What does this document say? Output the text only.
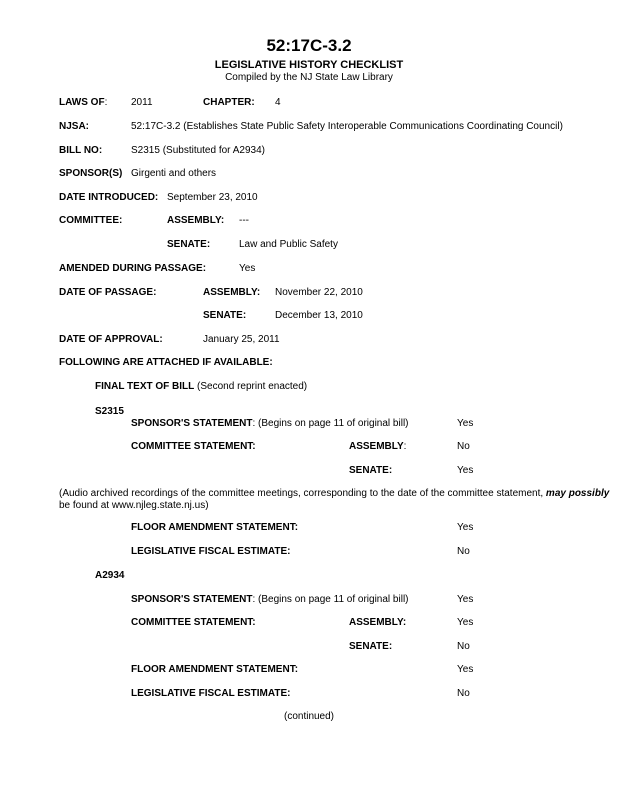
52:17C-3.2
LEGISLATIVE HISTORY CHECKLIST
Compiled by the NJ State Law Library
LAWS OF: 2011	CHAPTER: 4
NJSA:	52:17C-3.2 (Establishes State Public Safety Interoperable Communications Coordinating Council)
BILL NO:	S2315 (Substituted for A2934)
SPONSOR(S) Girgenti and others
DATE INTRODUCED: September 23, 2010
COMMITTEE:	ASSEMBLY: ---
SENATE:	Law and Public Safety
AMENDED DURING PASSAGE:	Yes
DATE OF PASSAGE:	ASSEMBLY: November 22, 2010
SENATE:	December 13, 2010
DATE OF APPROVAL:	January 25, 2011
FOLLOWING ARE ATTACHED IF AVAILABLE:
FINAL TEXT OF BILL (Second reprint enacted)
S2315
SPONSOR'S STATEMENT: (Begins on page 11 of original bill)	Yes
COMMITTEE STATEMENT:	ASSEMBLY:	No
SENATE:	Yes
(Audio archived recordings of the committee meetings, corresponding to the date of the committee statement, may possibly
be found at www.njleg.state.nj.us)
FLOOR AMENDMENT STATEMENT:	Yes
LEGISLATIVE FISCAL ESTIMATE:	No
A2934
SPONSOR'S STATEMENT: (Begins on page 11 of original bill)	Yes
COMMITTEE STATEMENT:	ASSEMBLY:	Yes
SENATE:	No
FLOOR AMENDMENT STATEMENT:	Yes
LEGISLATIVE FISCAL ESTIMATE:	No
(continued)
